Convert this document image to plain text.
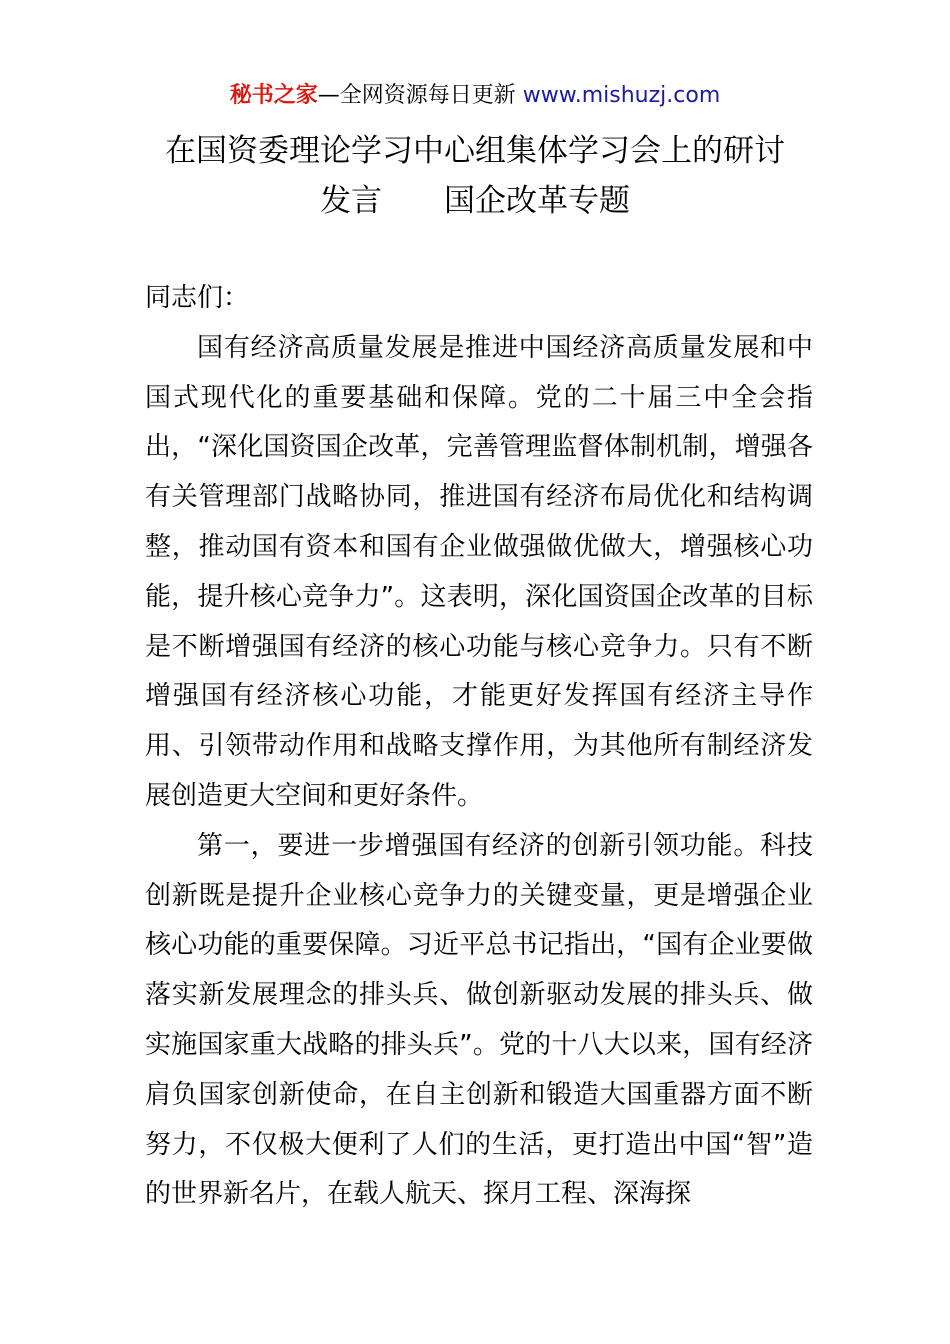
秘书之家—全网资源每日更新 www.mishuzj.com
在国资委理论学习中心组集体学习会上的研讨
发言　　国企改革专题

同志们：

国有经济高质量发展是推进中国经济高质量发展和中国式现代化的重要基础和保障。党的二十届三中全会指出，“深化国资国企改革，完善管理监督体制机制，增强各有关管理部门战略协同，推进国有经济布局优化和结构调整，推动国有资本和国有企业做强做优做大，增强核心功能，提升核心竞争力”。这表明，深化国资国企改革的目标是不断增强国有经济的核心功能与核心竞争力。只有不断增强国有经济核心功能，才能更好发挥国有经济主导作用、引领带动作用和战略支撑作用，为其他所有制经济发展创造更大空间和更好条件。

第一，要进一步增强国有经济的创新引领功能。科技创新既是提升企业核心竞争力的关键变量，更是增强企业核心功能的重要保障。习近平总书记指出，“国有企业要做落实新发展理念的排头兵、做创新驱动发展的排头兵、做实施国家重大战略的排头兵”。党的十八大以来，国有经济肩负国家创新使命，在自主创新和锻造大国重器方面不断努力，不仅极大便利了人们的生活，更打造出中国“智”造的世界新名片，在载人航天、探月工程、深海探
